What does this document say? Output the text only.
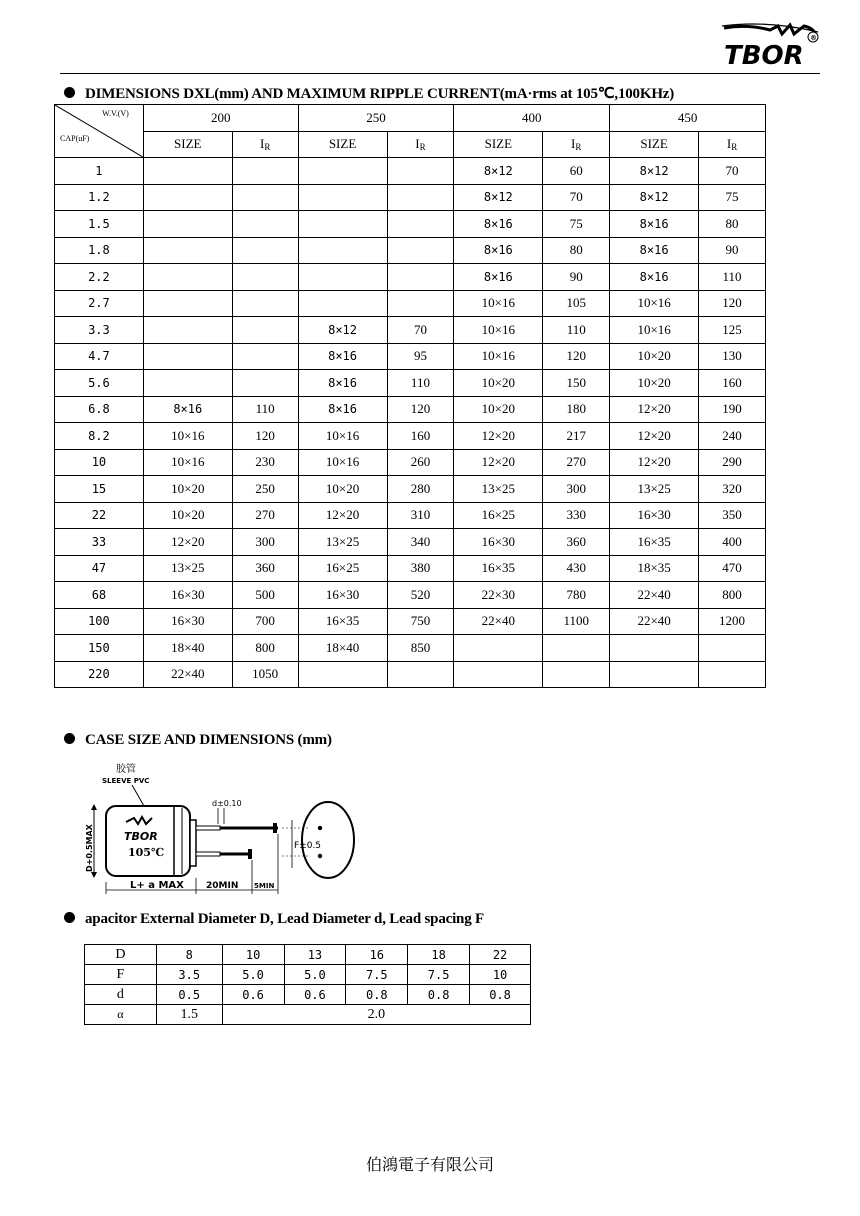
TBOR
®
DIMENSIONS DXL(mm) AND MAXIMUM RIPPLE CURRENT(mA·rms at 105℃,100KHz)
W.V.(V)
CAP(uF)	200		250		400		450	
	SIZE	$I_R$	SIZE	$I_R$	SIZE	$I_R$	SIZE	$I_R$
1					8×12	60	8×12	70
1.2					8×12	70	8×12	75
1.5					8×16	75	8×16	80
1.8					8×16	80	8×16	90
2.2					8×16	90	8×16	110
2.7					10×16	105	10×16	120
3.3			8×12	70	10×16	110	10×16	125
4.7			8×16	95	10×16	120	10×20	130
5.6			8×16	110	10×20	150	10×20	160
6.8	8×16	110	8×16	120	10×20	180	12×20	190
8.2	10×16	120	10×16	160	12×20	217	12×20	240
10	10×16	230	10×16	260	12×20	270	12×20	290
15	10×20	250	10×20	280	13×25	300	13×25	320
22	10×20	270	12×20	310	16×25	330	16×30	350
33	12×20	300	13×25	340	16×30	360	16×35	400
47	13×25	360	16×25	380	16×35	430	18×35	470
68	16×30	500	16×30	520	22×30	780	22×40	800
100	16×30	700	16×35	750	22×40	1100	22×40	1200
150	18×40	800	18×40	850				
220	22×40	1050						
CASE SIZE AND DIMENSIONS (mm)
胶管
SLEEVE PVC
TBOR
105℃
d±0.10
F±0.5
D+0.5MAX
L+ a MAX 20MIN 5MIN
apacitor External Diameter D, Lead Diameter d, Lead spacing F
D	8	10	13	16	18	22
F	3.5	5.0	5.0	7.5	7.5	10
d	0.5	0.6	0.6	0.8	0.8	0.8
α	1.5	2.0				
伯鴻電子有限公司
